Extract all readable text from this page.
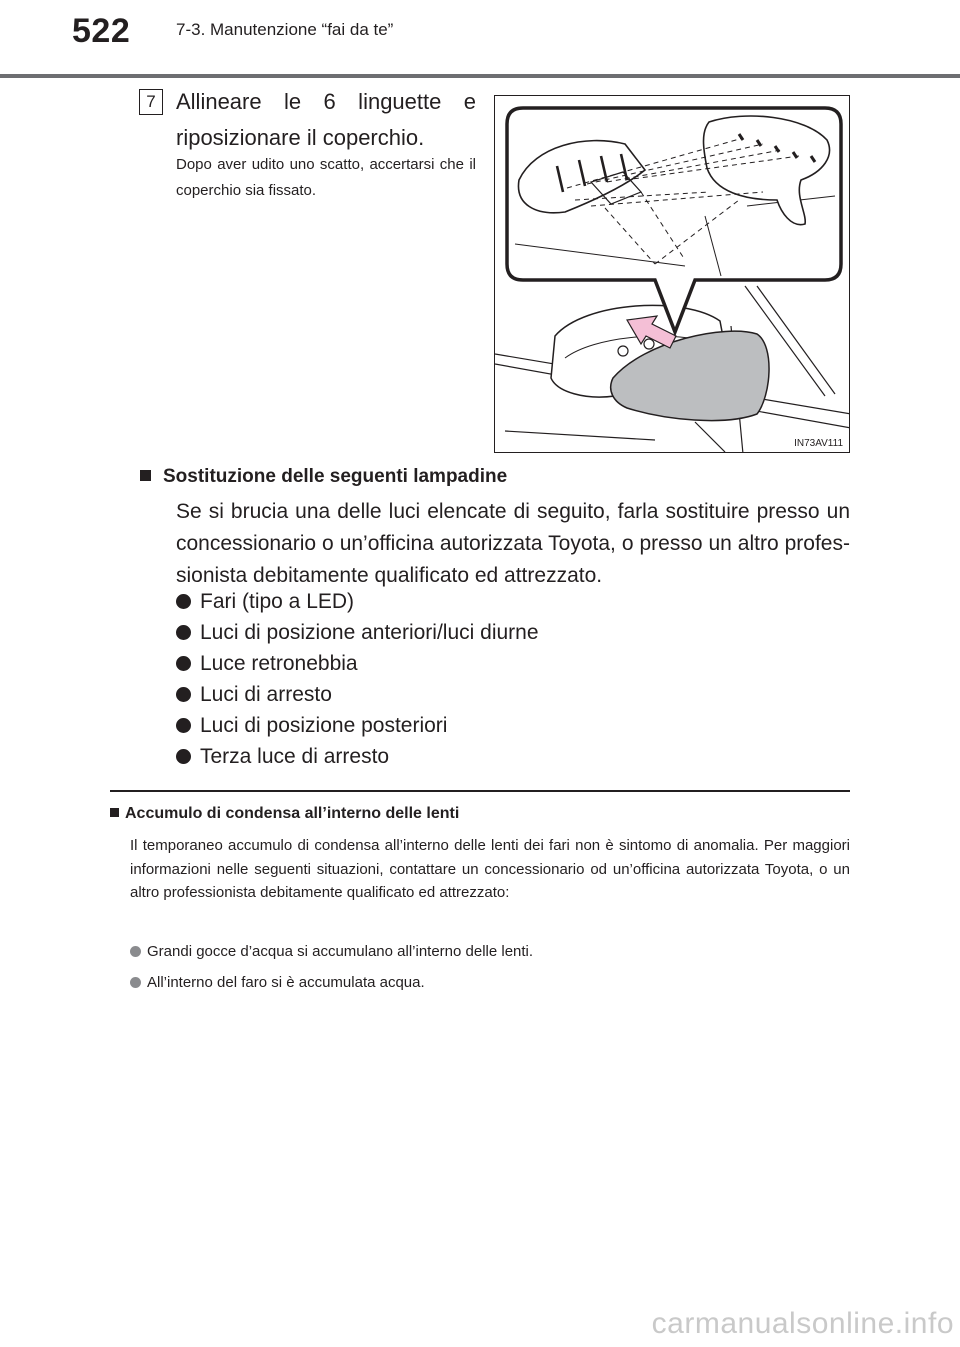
522	7-3. Manutenzione “fai da te”
7 Allineare le 6 linguette e riposizionare il coperchio.
Dopo aver udito uno scatto, accertarsi che il coperchio sia fissato.
IN73AV111
Sostituzione delle seguenti lampadine
Se si brucia una delle luci elencate di seguito, farla sostituire presso un concessionario o un’officina autorizzata Toyota, o presso un altro professionista debitamente qualificato ed attrezzato.
Fari (tipo a LED)
Luci di posizione anteriori/luci diurne
Luce retronebbia
Luci di arresto
Luci di posizione posteriori
Terza luce di arresto
Accumulo di condensa all’interno delle lenti
Il temporaneo accumulo di condensa all’interno delle lenti dei fari non è sintomo di anomalia. Per maggiori informazioni nelle seguenti situazioni, contattare un concessionario od un’officina autorizzata Toyota, o un altro professionista debitamente qualificato ed attrezzato:
Grandi gocce d’acqua si accumulano all’interno delle lenti.
All’interno del faro si è accumulata acqua.
carmanualsonline.info
